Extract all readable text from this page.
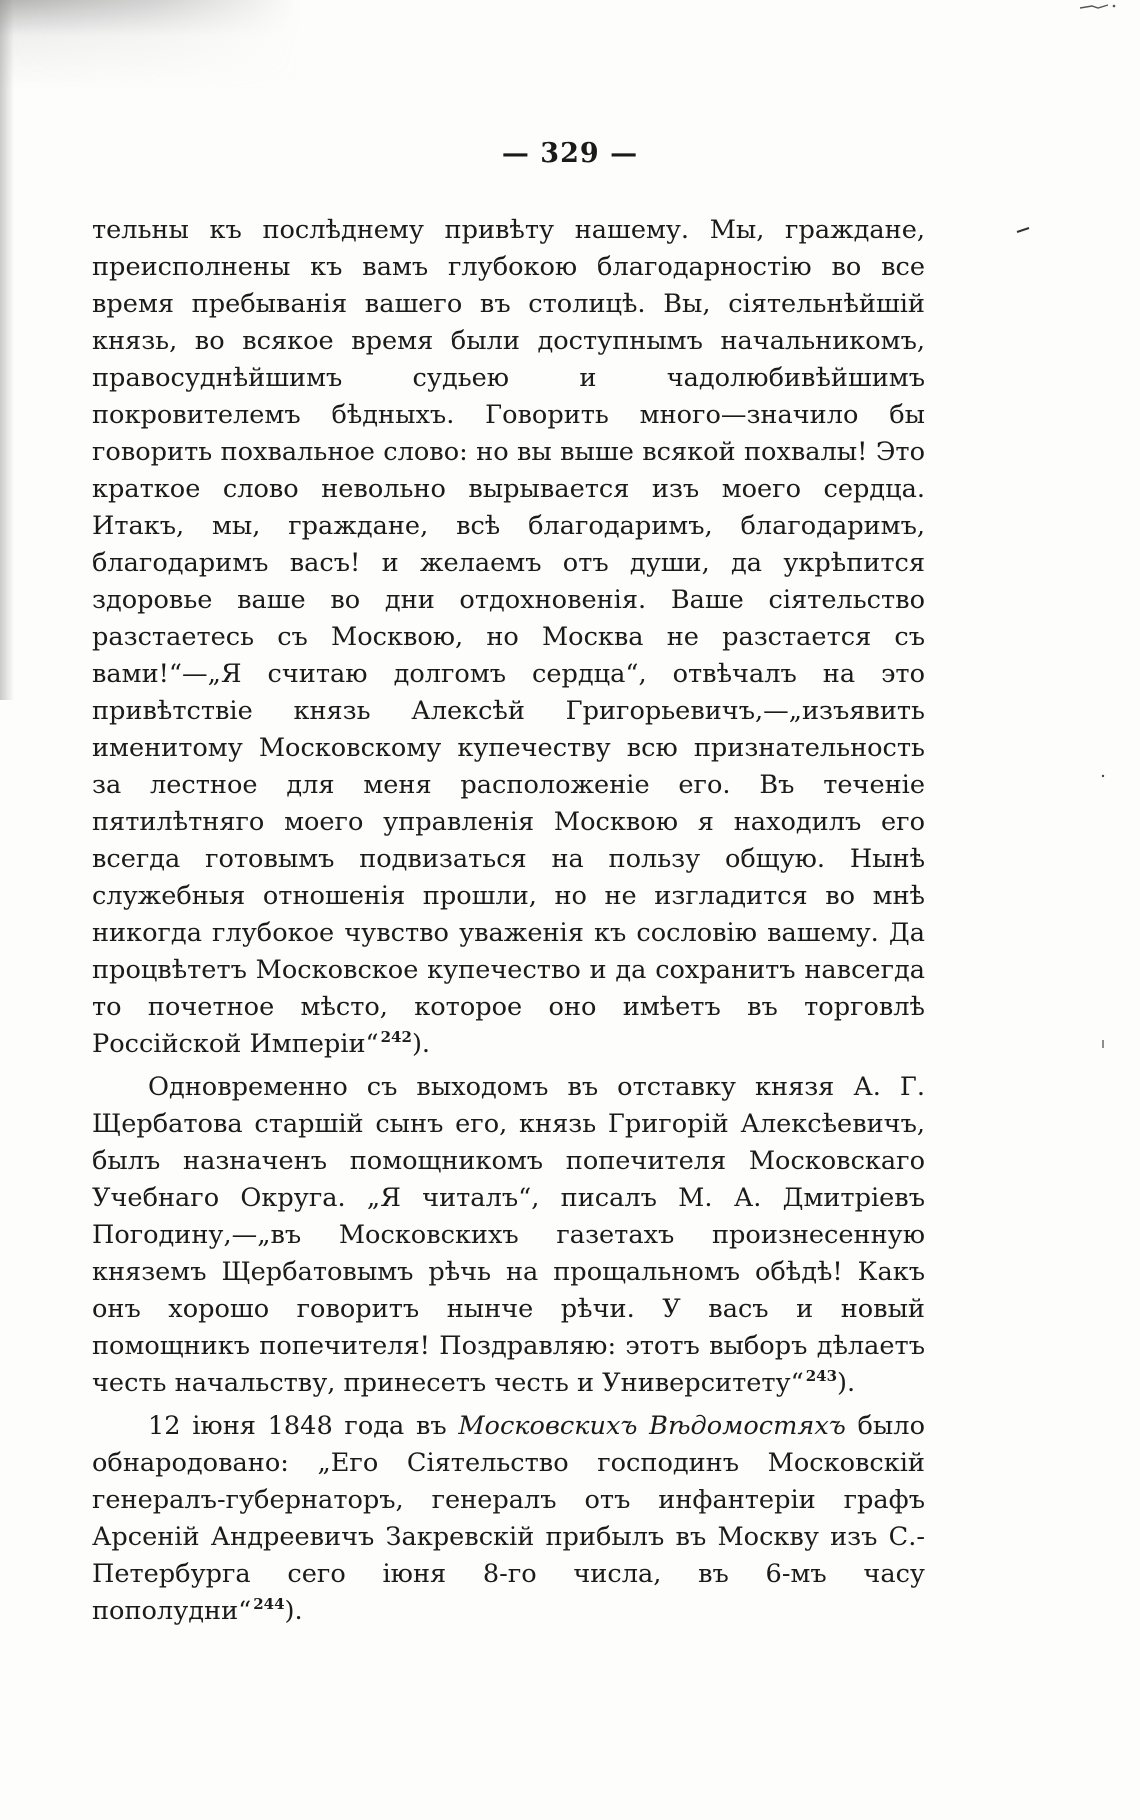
— 329 —

тельны къ послѣднему привѣту нашему. Мы, граждане, преисполнены къ вамъ глубокою благодарностію во все время пребыванія вашего въ столицѣ. Вы, сіятельнѣйшій князь, во всякое время были доступнымъ начальникомъ, правосуднѣйшимъ судьею и чадолюбивѣйшимъ покровителемъ бѣдныхъ. Говорить много—значило бы говорить похвальное слово: но вы выше всякой похвалы! Это краткое слово невольно вырывается изъ моего сердца. Итакъ, мы, граждане, всѣ благодаримъ, благодаримъ, благодаримъ васъ! и желаемъ отъ души, да укрѣпится здоровье ваше во дни отдохновенія. Ваше сіятельство разстаетесь съ Москвою, но Москва не разстается съ вами!“—„Я считаю долгомъ сердца“, отвѣчалъ на это привѣтствіе князь Алексѣй Григорьевичъ,—„изъявить именитому Московскому купечеству всю признательность за лестное для меня расположеніе его. Въ теченіе пятилѣтняго моего управленія Москвою я находилъ его всегда готовымъ подвизаться на пользу общую. Нынѣ служебныя отношенія прошли, но не изгладится во мнѣ никогда глубокое чувство уваженія къ сословію вашему. Да процвѣтетъ Московское купечество и да сохранитъ навсегда то почетное мѣсто, которое оно имѣетъ въ торговлѣ Россійской Имперіи“ $^{242}$).

Одновременно съ выходомъ въ отставку князя А. Г. Щербатова старшій сынъ его, князь Григорій Алексѣевичъ, былъ назначенъ помощникомъ попечителя Московскаго Учебнаго Округа. „Я читалъ“, писалъ М. А. Дмитріевъ Погодину,—„въ Московскихъ газетахъ произнесенную княземъ Щербатовымъ рѣчь на прощальномъ обѣдѣ! Какъ онъ хорошо говоритъ нынче рѣчи. У васъ и новый помощникъ попечителя! Поздравляю: этотъ выборъ дѣлаетъ честь начальству, принесетъ честь и Университету“ $^{243}$).

12 іюня 1848 года въ Московскихъ Вѣдомостяхъ было обнародовано: „Его Сіятельство господинъ Московскій генералъ-губернаторъ, генералъ отъ инфантеріи графъ Арсеній Андреевичъ Закревскій прибылъ въ Москву изъ С.-Петербурга сего іюня 8-го числа, въ 6-мъ часу пополудни“ $^{244}$).
